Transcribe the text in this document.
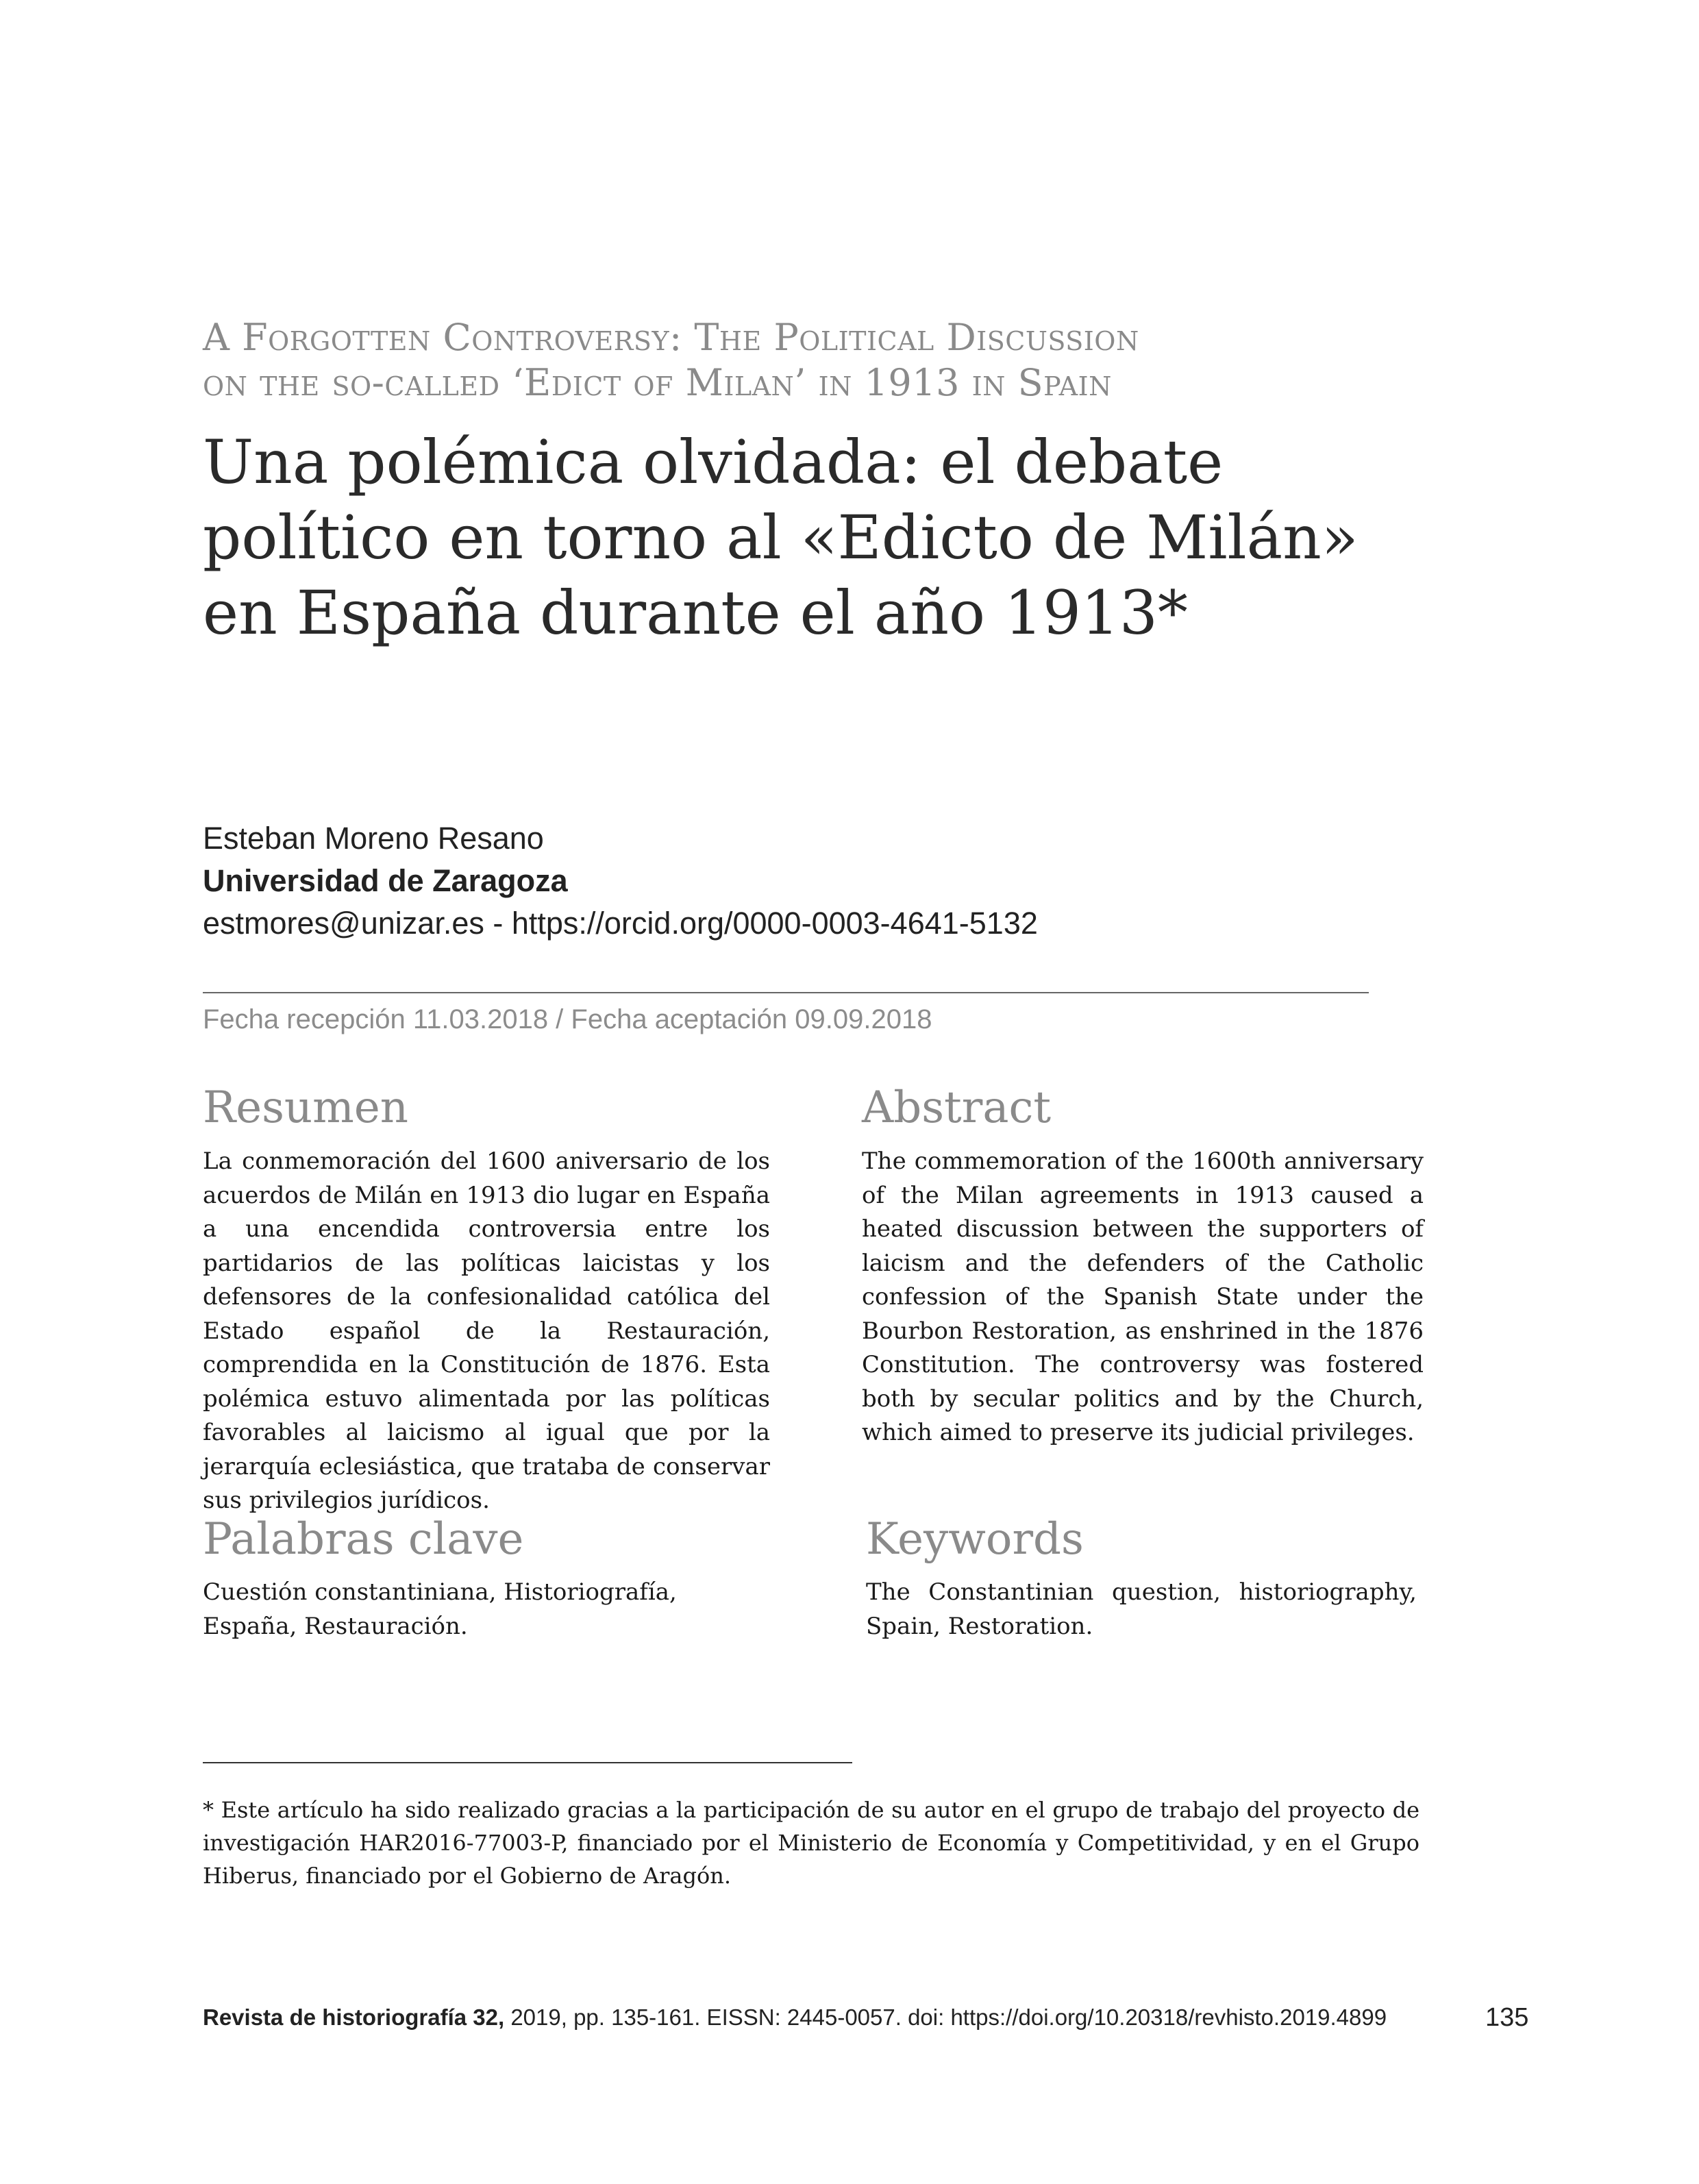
A Forgotten Controversy: The Political Discussion
on the so-called ‘Edict of Milan’ in 1913 in Spain
Una polémica olvidada: el debate
político en torno al «Edicto de Milán»
en España durante el año 1913*
Esteban Moreno Resano
Universidad de Zaragoza
estmores@unizar.es - https://orcid.org/0000-0003-4641-5132
Fecha recepción 11.03.2018 / Fecha aceptación 09.09.2018
Resumen
La conmemoración del 1600 aniversario de los acuerdos de Milán en 1913 dio lugar en España a una encendida controversia entre los partidarios de las políticas laicistas y los defensores de la confesionalidad católica del Estado español de la Restauración, comprendida en la Constitución de 1876. Esta polémica estuvo alimentada por las políticas favorables al laicismo al igual que por la jerarquía eclesiástica, que trataba de conservar sus privilegios jurídicos.
Abstract
The commemoration of the 1600th anniversary of the Milan agreements in 1913 caused a heated discussion between the supporters of laicism and the defenders of the Catholic confession of the Spanish State under the Bourbon Restoration, as enshrined in the 1876 Constitution. The controversy was fostered both by secular politics and by the Church, which aimed to preserve its judicial privileges.
Palabras clave
Cuestión constantiniana, Historiografía, España, Restauración.
Keywords
The Constantinian question, historiography, Spain, Restoration.
* Este artículo ha sido realizado gracias a la participación de su autor en el grupo de trabajo del proyecto de investigación HAR2016-77003-P, financiado por el Ministerio de Economía y Competitividad, y en el Grupo Hiberus, financiado por el Gobierno de Aragón.
Revista de historiografía 32, 2019, pp. 135-161. EISSN: 2445-0057. doi: https://doi.org/10.20318/revhisto.2019.4899	135
